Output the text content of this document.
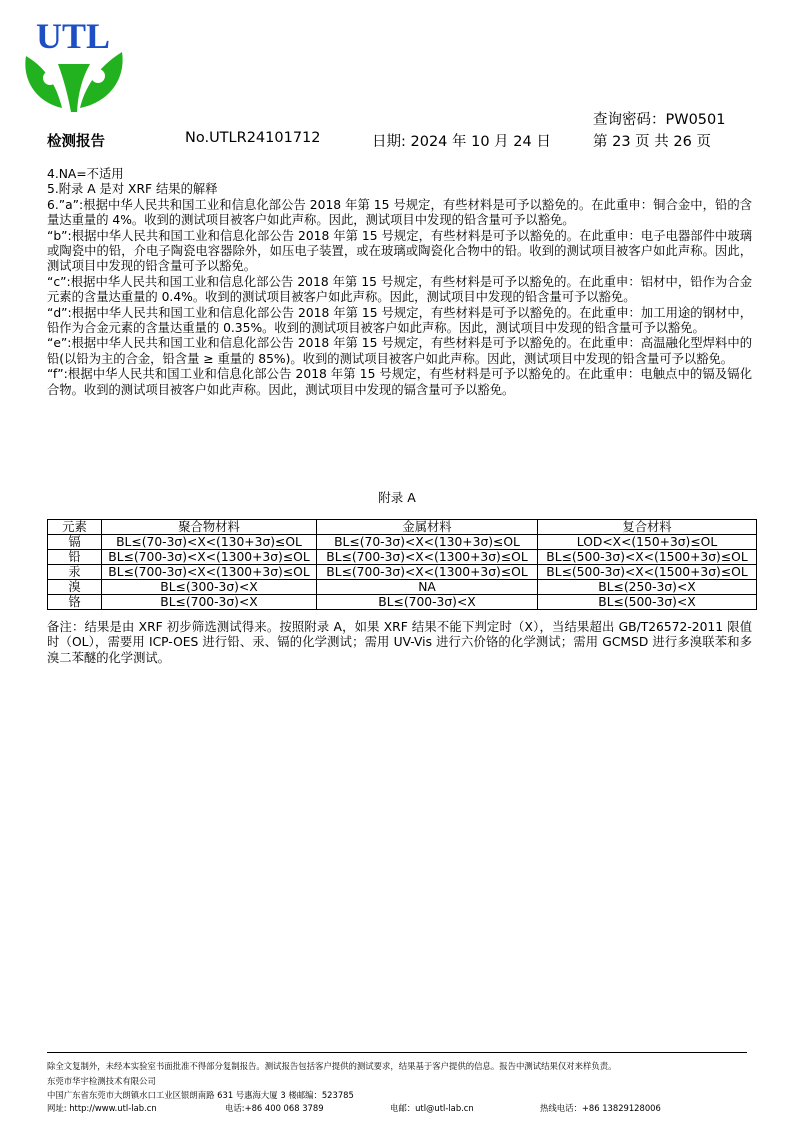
UTL
查询密码：PW0501
检测报告	No.UTLR24101712	日期: 2024 年 10 月 24 日	第 23 页 共 26 页

4.NA=不适用

5.附录 A 是对 XRF 结果的解释

6.”a”:根据中华人民共和国工业和信息化部公告 2018 年第 15 号规定，有些材料是可予以豁免的。在此重申：铜合金中，铅的含量达重量的 4%。收到的测试项目被客户如此声称。因此，测试项目中发现的铅含量可予以豁免。

“b”:根据中华人民共和国工业和信息化部公告 2018 年第 15 号规定，有些材料是可予以豁免的。在此重申：电子电器部件中玻璃或陶瓷中的铅，介电子陶瓷电容器除外，如压电子装置，或在玻璃或陶瓷化合物中的铅。收到的测试项目被客户如此声称。因此，测试项目中发现的铅含量可予以豁免。

“c”:根据中华人民共和国工业和信息化部公告 2018 年第 15 号规定，有些材料是可予以豁免的。在此重申：铝材中，铅作为合金元素的含量达重量的 0.4%。收到的测试项目被客户如此声称。因此，测试项目中发现的铅含量可予以豁免。

“d”:根据中华人民共和国工业和信息化部公告 2018 年第 15 号规定，有些材料是可予以豁免的。在此重申：加工用途的钢材中，铅作为合金元素的含量达重量的 0.35%。收到的测试项目被客户如此声称。因此，测试项目中发现的铅含量可予以豁免。

“e”:根据中华人民共和国工业和信息化部公告 2018 年第 15 号规定，有些材料是可予以豁免的。在此重申：高温融化型焊料中的铅(以铅为主的合金，铅含量 ≥ 重量的 85%)。收到的测试项目被客户如此声称。因此，测试项目中发现的铅含量可予以豁免。

“f”:根据中华人民共和国工业和信息化部公告 2018 年第 15 号规定，有些材料是可予以豁免的。在此重申：电触点中的镉及镉化合物。收到的测试项目被客户如此声称。因此，测试项目中发现的镉含量可予以豁免。

附录 A
元素	聚合物材料	金属材料	复合材料
镉	BL≤(70-3σ)<X<(130+3σ)≤OL	BL≤(70-3σ)<X<(130+3σ)≤OL	LOD<X<(150+3σ)≤OL
铅	BL≤(700-3σ)<X<(1300+3σ)≤OL	BL≤(700-3σ)<X<(1300+3σ)≤OL	BL≤(500-3σ)<X<(1500+3σ)≤OL
汞	BL≤(700-3σ)<X<(1300+3σ)≤OL	BL≤(700-3σ)<X<(1300+3σ)≤OL	BL≤(500-3σ)<X<(1500+3σ)≤OL
溴	BL≤(300-3σ)<X	NA	BL≤(250-3σ)<X
铬	BL≤(700-3σ)<X	BL≤(700-3σ)<X	BL≤(500-3σ)<X
备注：结果是由 XRF 初步筛选测试得来。按照附录 A，如果 XRF 结果不能下判定时（X），当结果超出 GB/T26572-2011 限值时（OL），需要用 ICP-OES 进行铅、汞、镉的化学测试；需用 UV-Vis 进行六价铬的化学测试；需用 GCMSD 进行多溴联苯和多溴二苯醚的化学测试。
除全文复制外，未经本实验室书面批准不得部分复制报告。测试报告包括客户提供的测试要求，结果基于客户提供的信息。报告中测试结果仅对来样负责。
东莞市华宇检测技术有限公司
中国广东省东莞市大朗镇水口工业区银朗南路 631 号惠海大厦 3 楼邮编：523785
网址: http://www.utl-lab.cn	电话:+86 400 068 3789	电邮：utl@utl-lab.cn	热线电话：+86 13829128006
